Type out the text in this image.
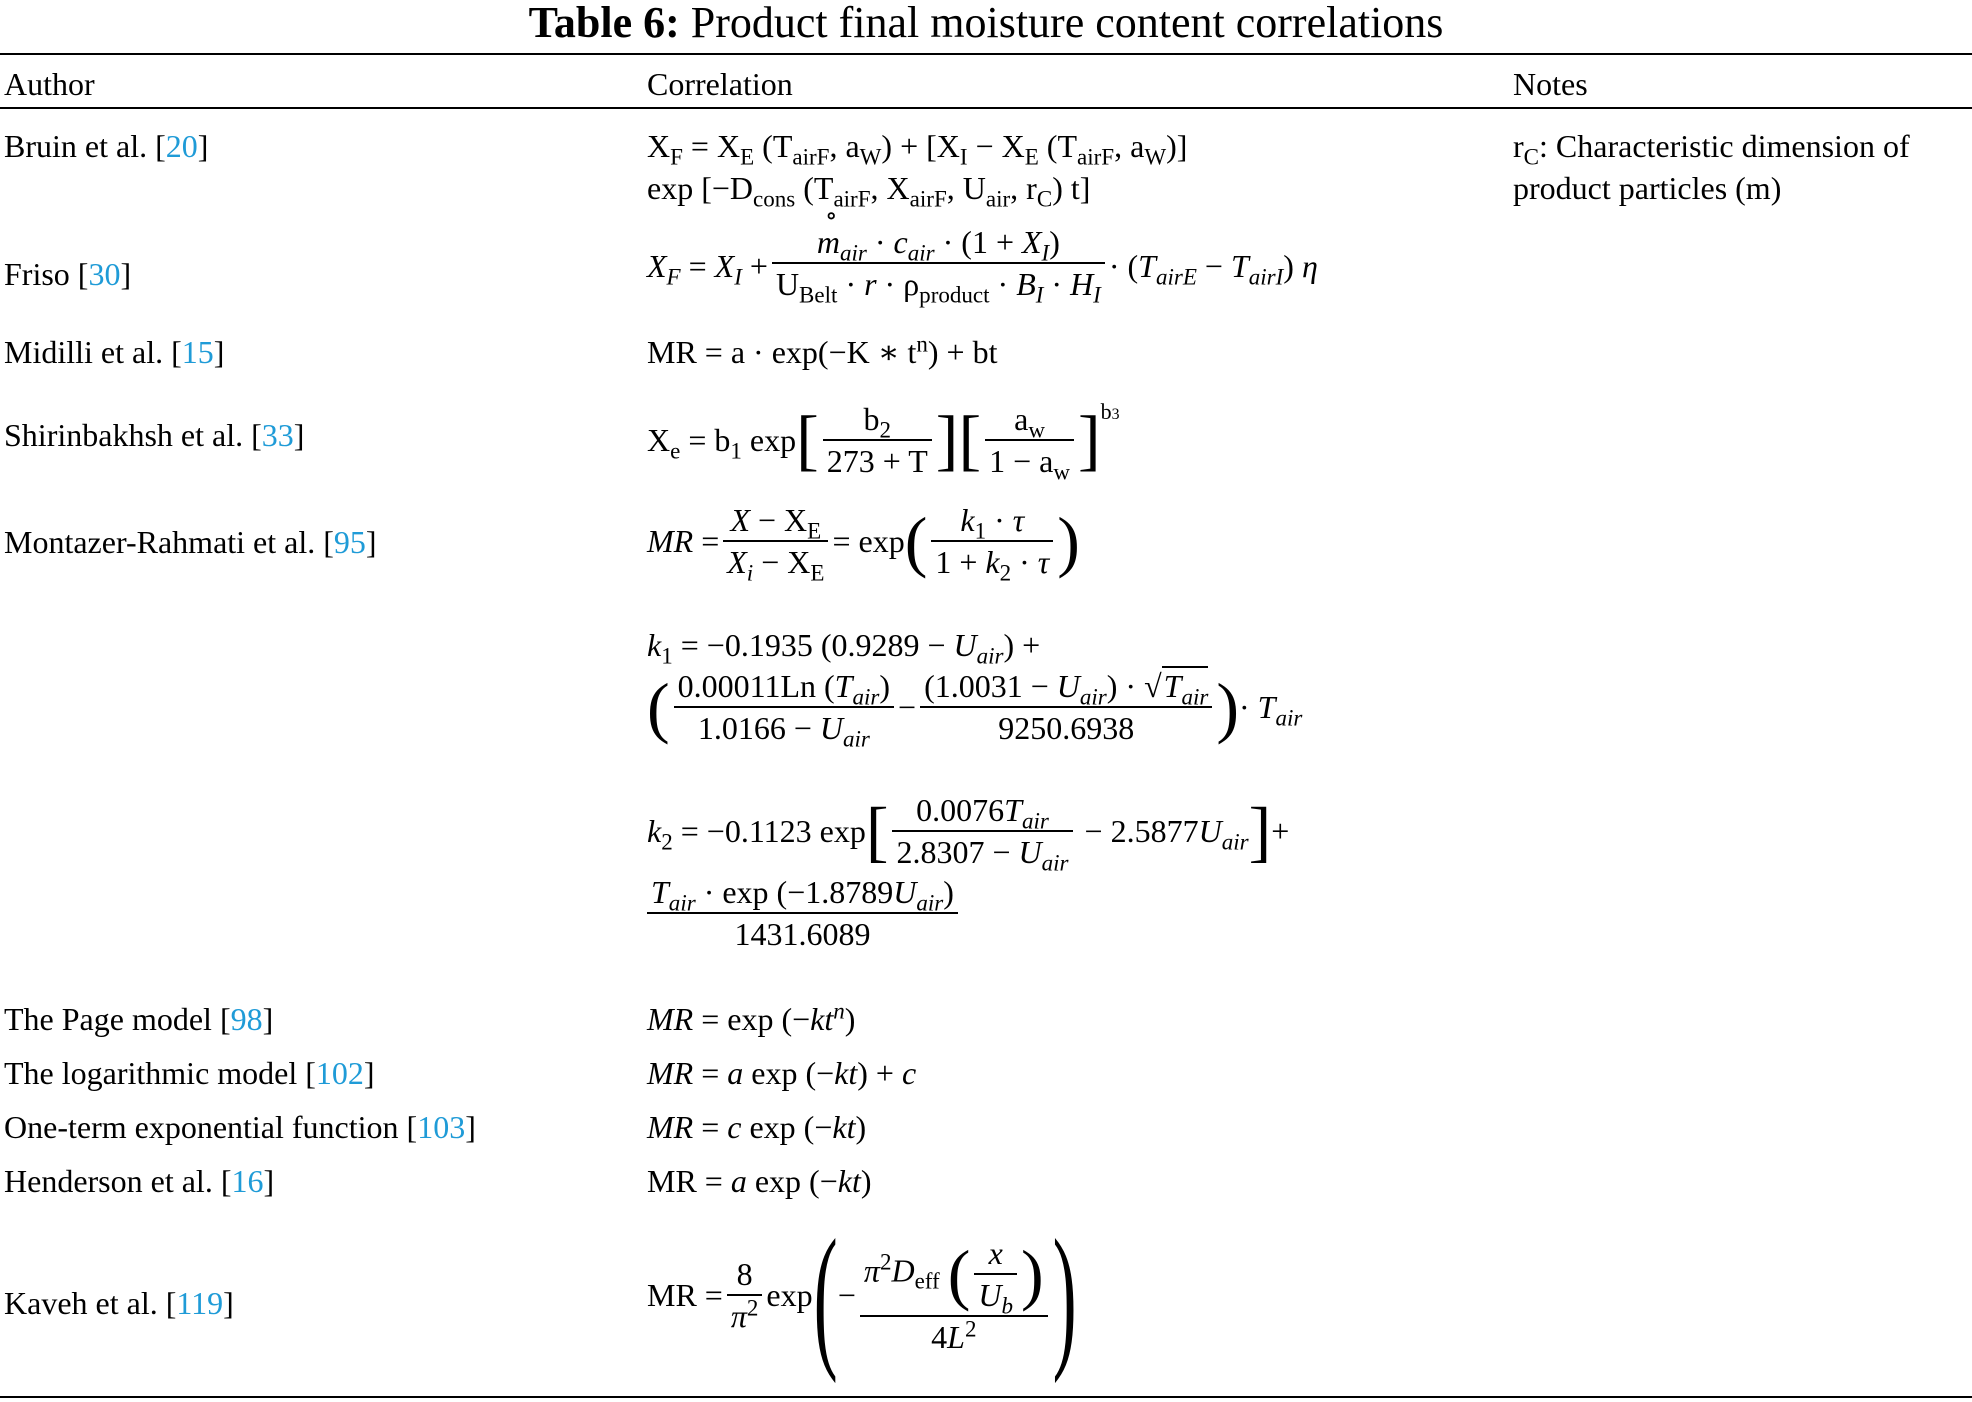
Table 6: Product final moisture content correlations
Author	Correlation	Notes
Bruin et al. [20]	$X_F = X_E$ ($T_{airF}$, $a_W) + [X_I - X_E$ ($T_{airF}$, $a_W$)]
$\exp [-D_{cons}$ ($T_{airF}$, $X_{airF}$, $U_{air}$, $r_C$) t]
$r_C$: Characteristic dimension of
product particles (m)
Friso [30]	$X_F = X_I$ +
∘ $\frac{m_{air} \cdot c_{air} \cdot (1 + X_I)}{U_{Belt} \cdot r \cdot \rho_{product} \cdot B_I \cdot H_I} \cdot (T_{airE} - T_{airI})$ η
Midilli et al. [15]	MR = a · exp(−K ∗ $t^n$) + bt
Shirinbakhsh et al. [33]	$X_e = b_1$ $\exp[ \frac{b_2}{273 + T}$ ][ $\frac{a_w}{1 - a_w} ]^{b3}$
Montazer-Rahmati et al. [95]	MR = $\frac{X - X_E}{X_i - X_E} = \exp( \frac{k_1 \cdot \tau}{1 + k_2 \cdot \tau}$ )
$k_1 = -0.1935$ $(0.9289 - U_{air})$ +
( $\frac{0.00011Ln (T_{air})}{1.0166 - U_{air}} - \frac{(1.0031 - U_{air}) \cdot √T_{air}}{9250.6938}$ )· $T_{air}$
$k_2 = -0.1123$ $\exp[ \frac{0.0076T_{air}}{2.8307 - U_{air}} - 2.5877U_{air}]+$
$\frac{T_{air} \cdot \exp (-1.8789U_{air})}{1431.6089}$
The Page model [98]	MR = $\exp (-kt^n)$
The logarithmic model [102]	MR = a exp (−kt) + c
One-term exponential function [103]	MR = c exp (−kt)
Henderson et al. [16]	MR = a exp (−kt)
Kaveh et al. [119]	MR = $\frac{8}{\pi^2} \exp(- \frac{\pi^2D_{eff} ( \frac{x}{U_b} )}{4L^2}$ )
